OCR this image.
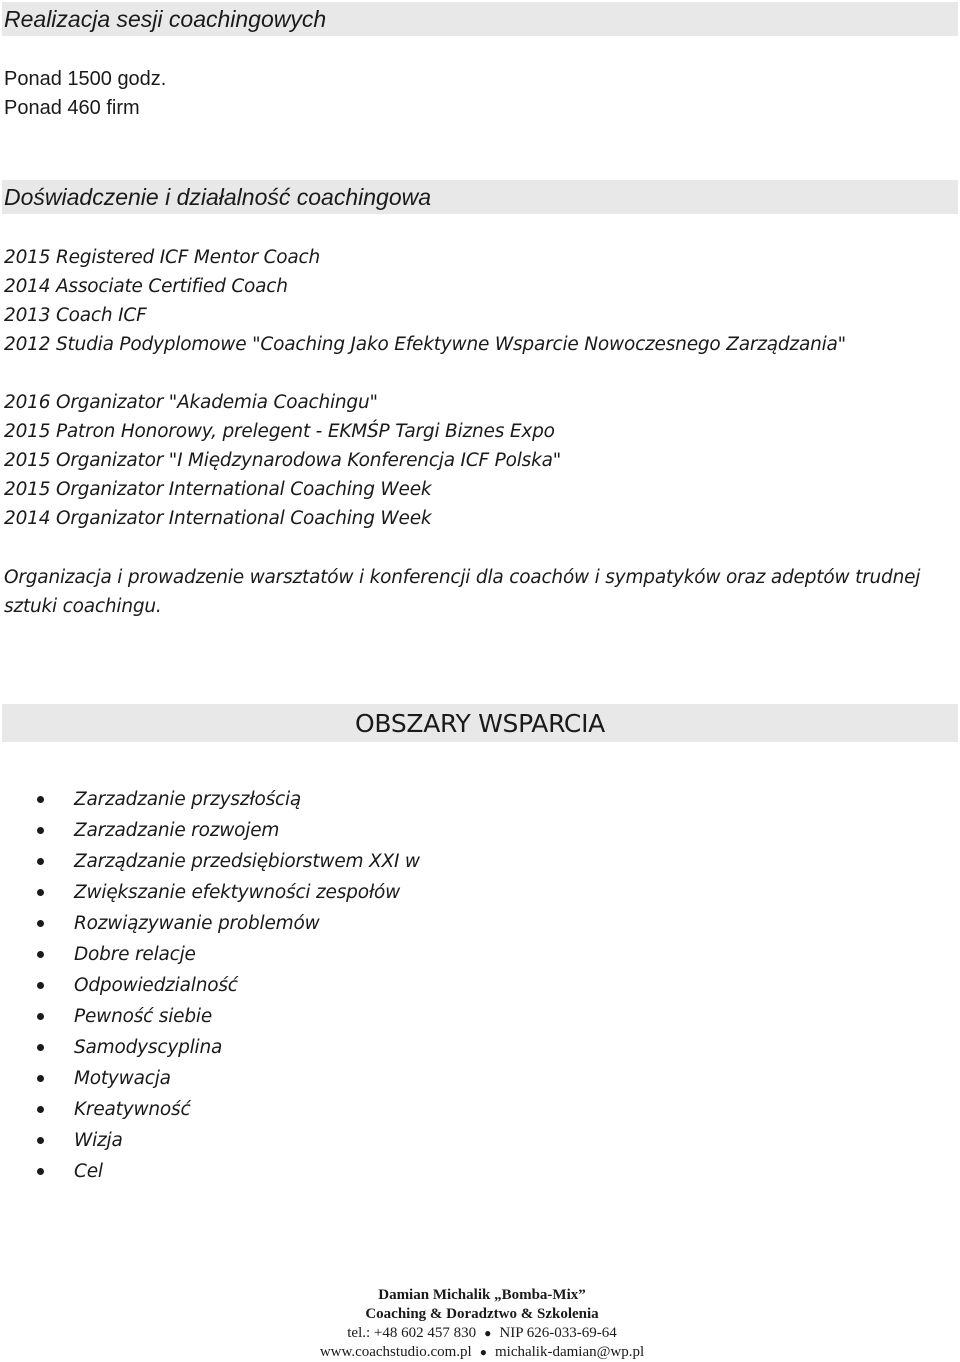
Realizacja sesji coachingowych
Ponad 1500 godz.
Ponad 460 firm
Doświadczenie i działalność coachingowa
2015 Registered ICF Mentor Coach
2014 Associate Certified Coach
2013 Coach ICF
2012 Studia Podyplomowe "Coaching Jako Efektywne Wsparcie Nowoczesnego Zarządzania"
2016 Organizator "Akademia Coachingu"
2015 Patron Honorowy, prelegent - EKMŚP Targi Biznes Expo
2015 Organizator "I Międzynarodowa Konferencja ICF Polska"
2015 Organizator International Coaching Week
2014 Organizator International Coaching Week
Organizacja i prowadzenie warsztatów i konferencji dla coachów i sympatyków oraz adeptów trudnej sztuki coachingu.
OBSZARY WSPARCIA
Zarzadzanie przyszłością
Zarzadzanie rozwojem
Zarządzanie przedsiębiorstwem XXI w
Zwiększanie efektywności zespołów
Rozwiązywanie problemów
Dobre relacje
Odpowiedzialność
Pewność siebie
Samodyscyplina
Motywacja
Kreatywność
Wizja
Cel
Damian Michalik „Bomba-Mix”
Coaching & Doradztwo & Szkolenia
tel.: +48 602 457 830 ● NIP 626-033-69-64
www.coachstudio.com.pl ● michalik-damian@wp.pl
